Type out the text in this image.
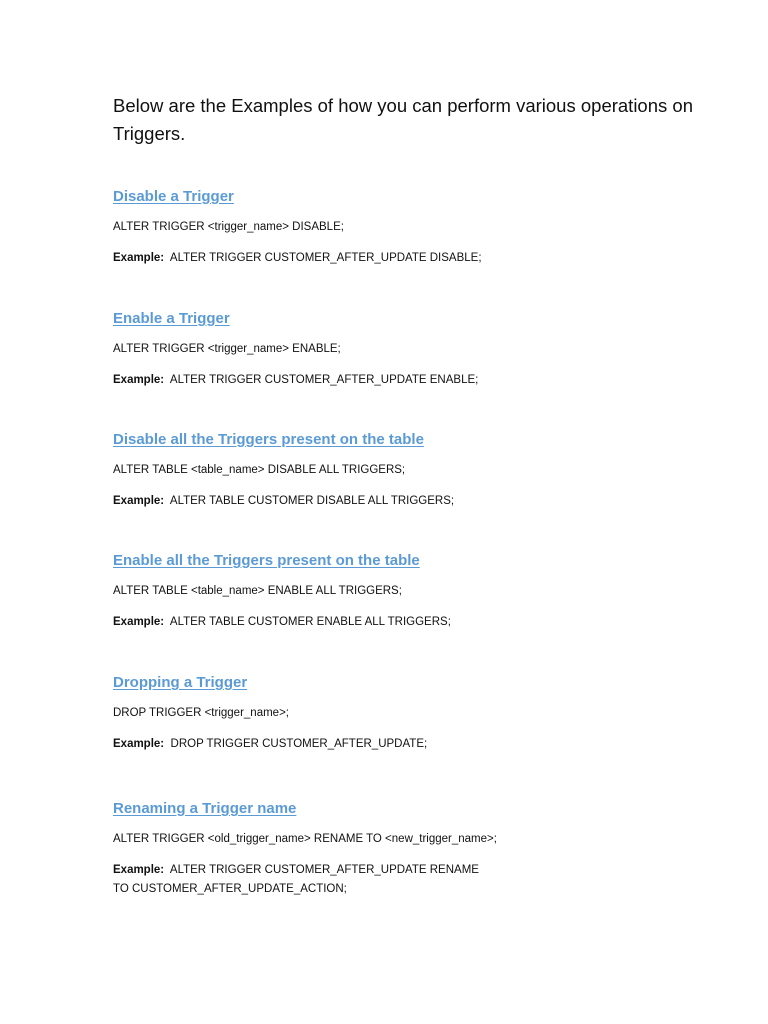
Below are the Examples of how you can perform various operations on Triggers.

Disable a Trigger

ALTER TRIGGER <trigger_name> DISABLE;

Example:  ALTER TRIGGER CUSTOMER_AFTER_UPDATE DISABLE;

Enable a Trigger

ALTER TRIGGER <trigger_name> ENABLE;

Example:  ALTER TRIGGER CUSTOMER_AFTER_UPDATE ENABLE;

Disable all the Triggers present on the table

ALTER TABLE <table_name> DISABLE ALL TRIGGERS;

Example:  ALTER TABLE CUSTOMER DISABLE ALL TRIGGERS;

Enable all the Triggers present on the table

ALTER TABLE <table_name> ENABLE ALL TRIGGERS;

Example:  ALTER TABLE CUSTOMER ENABLE ALL TRIGGERS;

Dropping a Trigger

DROP TRIGGER <trigger_name>;

Example:  DROP TRIGGER CUSTOMER_AFTER_UPDATE;

Renaming a Trigger name

ALTER TRIGGER <old_trigger_name> RENAME TO <new_trigger_name>;

Example:  ALTER TRIGGER CUSTOMER_AFTER_UPDATE RENAME
TO CUSTOMER_AFTER_UPDATE_ACTION;
